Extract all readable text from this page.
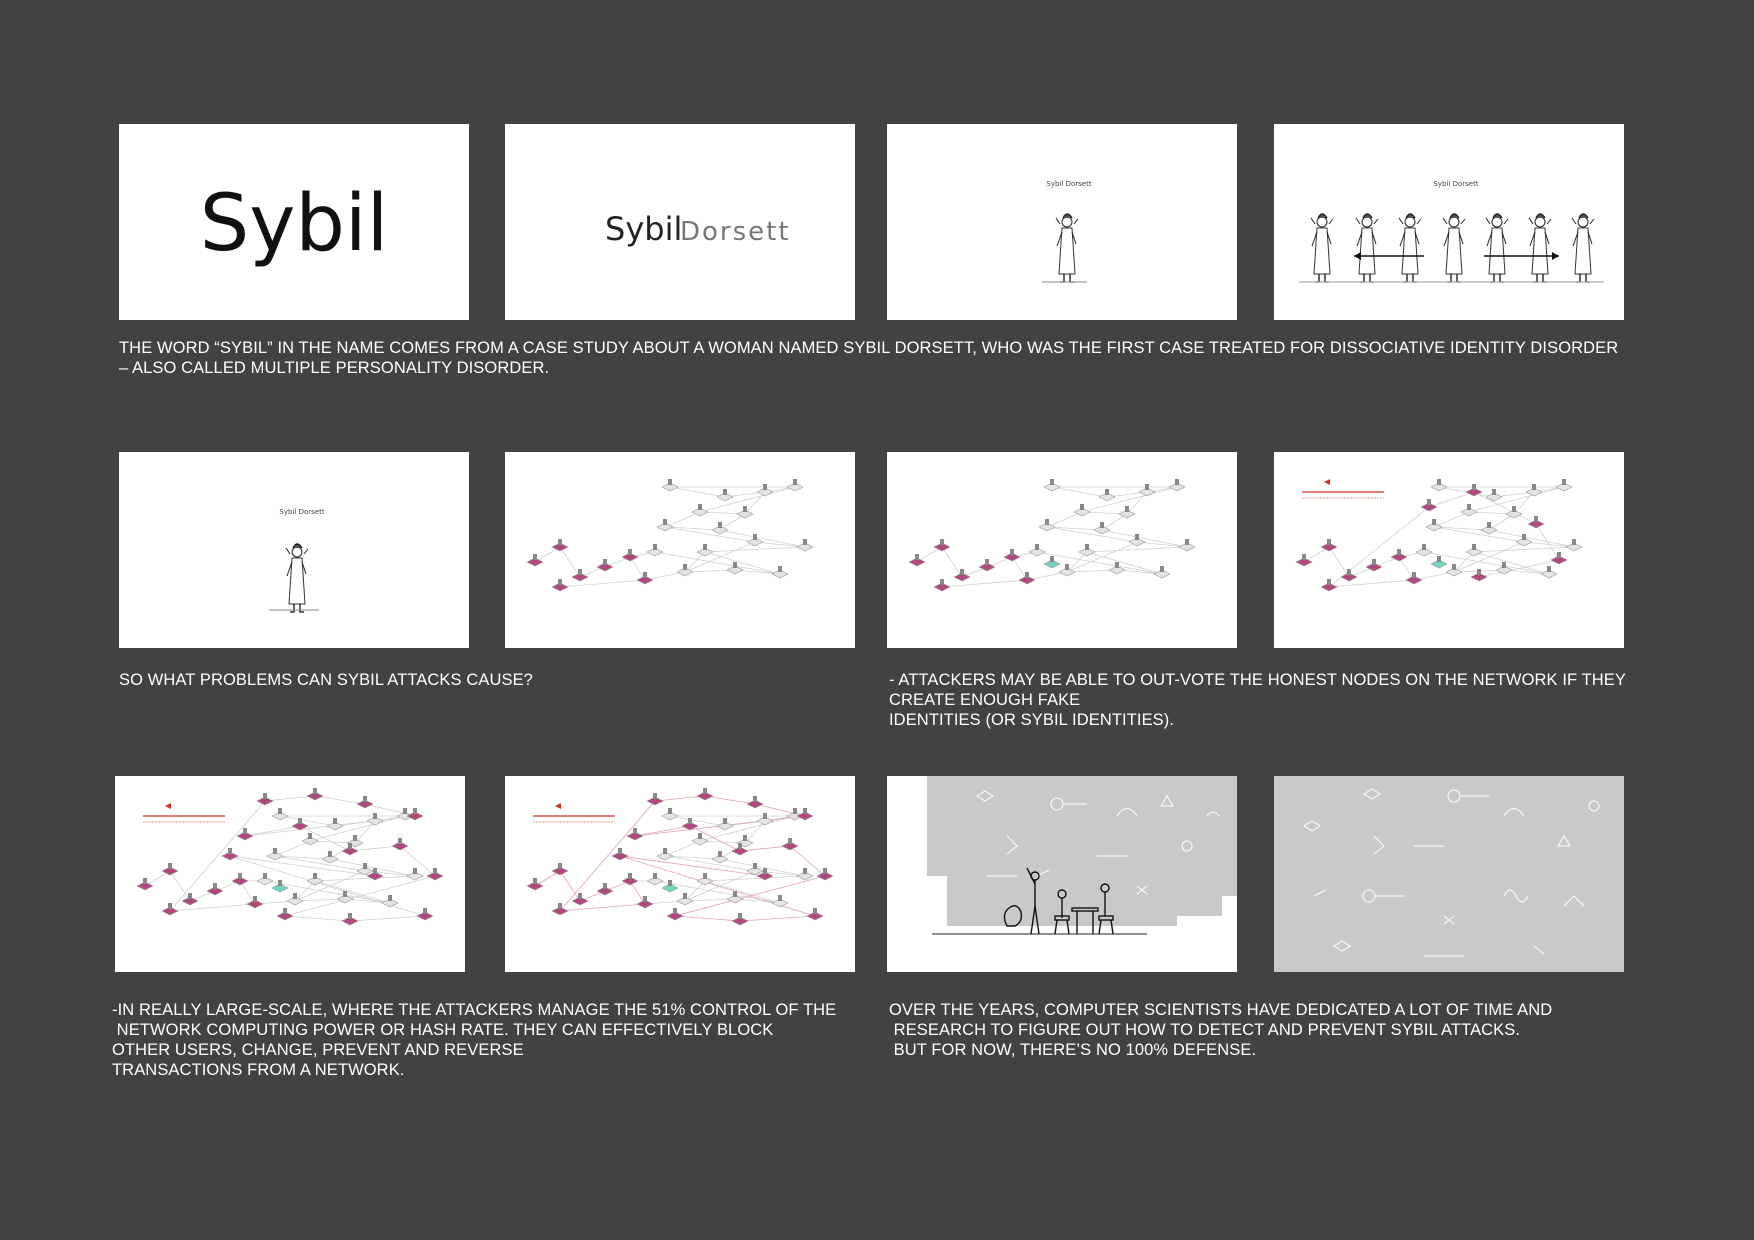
Sybil	Sybil
Dorsett
Sybil Dorsett	Sybil Dorsett
THE WORD “SYBIL” IN THE NAME COMES FROM A CASE STUDY ABOUT A WOMAN NAMED SYBIL DORSETT, WHO WAS THE FIRST CASE TREATED FOR DISSOCIATIVE IDENTITY DISORDER
– ALSO CALLED MULTIPLE PERSONALITY DISORDER.
Sybil Dorsett
SO WHAT PROBLEMS CAN SYBIL ATTACKS CAUSE?	- ATTACKERS MAY BE ABLE TO OUT-VOTE THE HONEST NODES ON THE NETWORK IF THEY
CREATE ENOUGH FAKE
IDENTITIES (OR SYBIL IDENTITIES).
-IN REALLY LARGE-SCALE, WHERE THE ATTACKERS MANAGE THE 51% CONTROL OF THE
NETWORK COMPUTING POWER OR HASH RATE. THEY CAN EFFECTIVELY BLOCK
OTHER USERS, CHANGE, PREVENT AND REVERSE
TRANSACTIONS FROM A NETWORK.
OVER THE YEARS, COMPUTER SCIENTISTS HAVE DEDICATED A LOT OF TIME AND
RESEARCH TO FIGURE OUT HOW TO DETECT AND PREVENT SYBIL ATTACKS.
BUT FOR NOW, THERE’S NO 100% DEFENSE.
